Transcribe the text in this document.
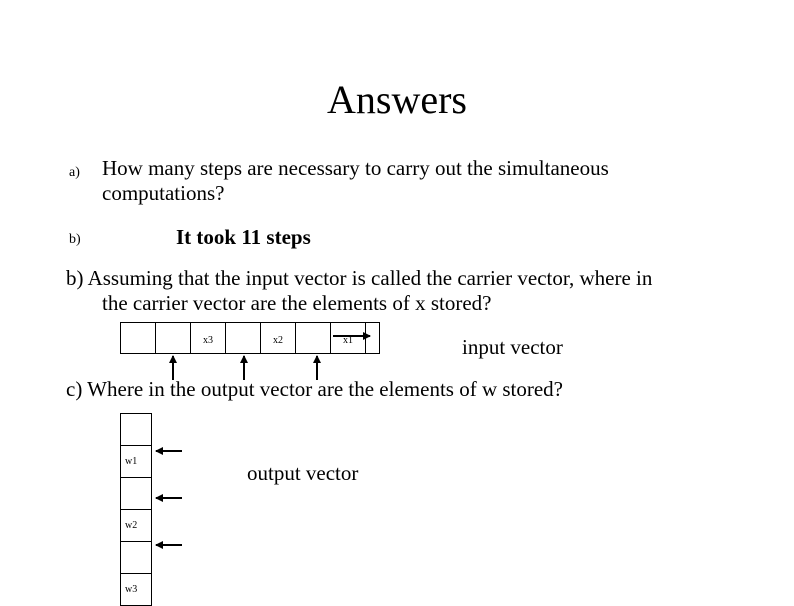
Answers
a) How many steps are necessary to carry out the simultaneous
computations?
b)	It took 11 steps
b) Assuming that the input vector is called the carrier vector, where in
the carrier vector are the elements of x stored?
x3	x2	x1	input vector
c) Where in the output vector are the elements of w stored?
w1
w2
w3
output vector
